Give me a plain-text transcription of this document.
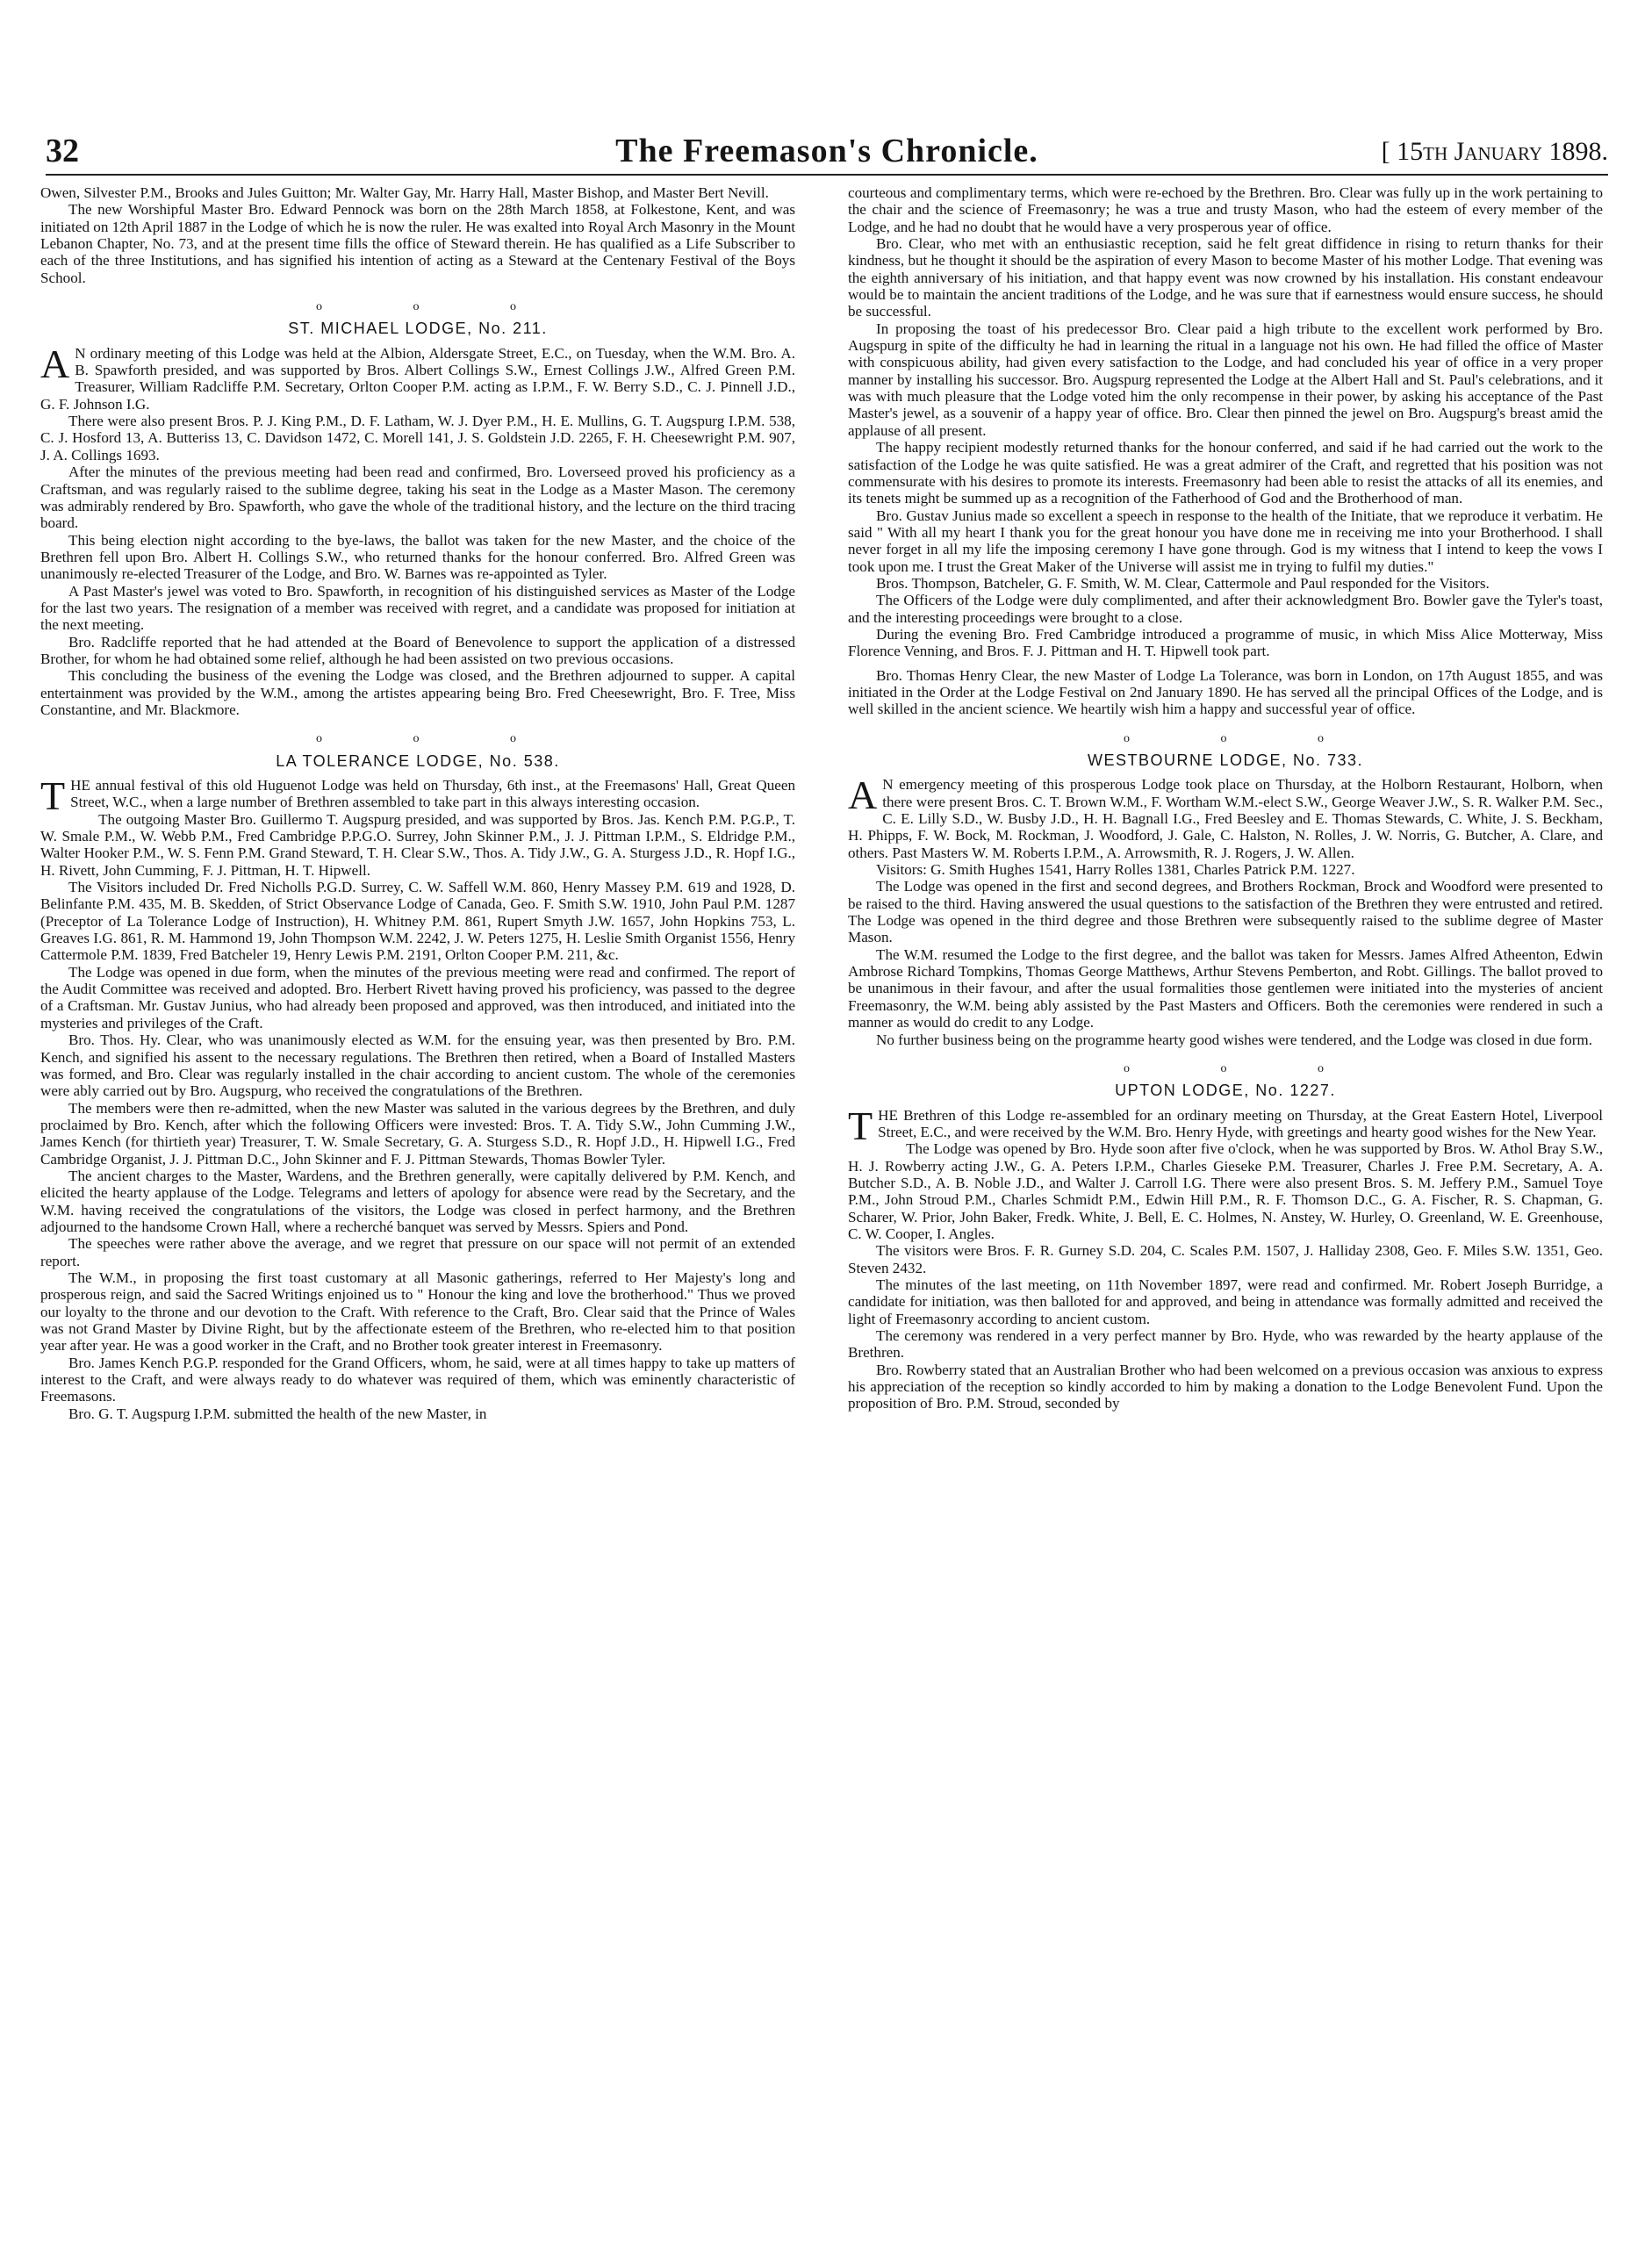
32	The Freemason's Chronicle.	[ 15th January 1898.

Owen, Silvester P.M., Brooks and Jules Guitton; Mr. Walter Gay, Mr. Harry Hall, Master Bishop, and Master Bert Nevill.

The new Worshipful Master Bro. Edward Pennock was born on the 28th March 1858, at Folkestone, Kent, and was initiated on 12th April 1887 in the Lodge of which he is now the ruler. He was exalted into Royal Arch Masonry in the Mount Lebanon Chapter, No. 73, and at the present time fills the office of Steward therein. He has qualified as a Life Subscriber to each of the three Institutions, and has signified his intention of acting as a Steward at the Centenary Festival of the Boys School.

o o o
ST. MICHAEL LODGE, No. 211.

A N ordinary meeting of this Lodge was held at the Albion, Aldersgate Street, E.C., on Tuesday, when the W.M. Bro. A. B. Spawforth presided, and was supported by Bros. Albert Collings S.W., Ernest Collings J.W., Alfred Green P.M. Treasurer, William Radcliffe P.M. Secretary, Orlton Cooper P.M. acting as I.P.M., F. W. Berry S.D., C. J. Pinnell J.D., G. F. Johnson I.G.

There were also present Bros. P. J. King P.M., D. F. Latham, W. J. Dyer P.M., H. E. Mullins, G. T. Augspurg I.P.M. 538, C. J. Hosford 13, A. Butteriss 13, C. Davidson 1472, C. Morell 141, J. S. Goldstein J.D. 2265, F. H. Cheesewright P.M. 907, J. A. Collings 1693.

After the minutes of the previous meeting had been read and confirmed, Bro. Loverseed proved his proficiency as a Craftsman, and was regularly raised to the sublime degree, taking his seat in the Lodge as a Master Mason. The ceremony was admirably rendered by Bro. Spawforth, who gave the whole of the traditional history, and the lecture on the third tracing board.

This being election night according to the bye-laws, the ballot was taken for the new Master, and the choice of the Brethren fell upon Bro. Albert H. Collings S.W., who returned thanks for the honour conferred. Bro. Alfred Green was unanimously re-elected Treasurer of the Lodge, and Bro. W. Barnes was re-appointed as Tyler.

A Past Master's jewel was voted to Bro. Spawforth, in recognition of his distinguished services as Master of the Lodge for the last two years. The resignation of a member was received with regret, and a candidate was proposed for initiation at the next meeting.

Bro. Radcliffe reported that he had attended at the Board of Benevolence to support the application of a distressed Brother, for whom he had obtained some relief, although he had been assisted on two previous occasions.

This concluding the business of the evening the Lodge was closed, and the Brethren adjourned to supper. A capital entertainment was provided by the W.M., among the artistes appearing being Bro. Fred Cheesewright, Bro. F. Tree, Miss Constantine, and Mr. Blackmore.

o o o
LA TOLERANCE LODGE, No. 538.

THE annual festival of this old Huguenot Lodge was held on Thursday, 6th inst., at the Freemasons' Hall, Great Queen Street, W.C., when a large number of Brethren assembled to take part in this always interesting occasion.

The outgoing Master Bro. Guillermo T. Augspurg presided, and was supported by Bros. Jas. Kench P.M. P.G.P., T. W. Smale P.M., W. Webb P.M., Fred Cambridge P.P.G.O. Surrey, John Skinner P.M., J. J. Pittman I.P.M., S. Eldridge P.M., Walter Hooker P.M., W. S. Fenn P.M. Grand Steward, T. H. Clear S.W., Thos. A. Tidy J.W., G. A. Sturgess J.D., R. Hopf I.G., H. Rivett, John Cumming, F. J. Pittman, H. T. Hipwell.

The Visitors included Dr. Fred Nicholls P.G.D. Surrey, C. W. Saffell W.M. 860, Henry Massey P.M. 619 and 1928, D. Belinfante P.M. 435, M. B. Skedden, of Strict Observance Lodge of Canada, Geo. F. Smith S.W. 1910, John Paul P.M. 1287 (Preceptor of La Tolerance Lodge of Instruction), H. Whitney P.M. 861, Rupert Smyth J.W. 1657, John Hopkins 753, L. Greaves I.G. 861, R. M. Hammond 19, John Thompson W.M. 2242, J. W. Peters 1275, H. Leslie Smith Organist 1556, Henry Cattermole P.M. 1839, Fred Batcheler 19, Henry Lewis P.M. 2191, Orlton Cooper P.M. 211, &c.

The Lodge was opened in due form, when the minutes of the previous meeting were read and confirmed. The report of the Audit Committee was received and adopted. Bro. Herbert Rivett having proved his proficiency, was passed to the degree of a Craftsman. Mr. Gustav Junius, who had already been proposed and approved, was then introduced, and initiated into the mysteries and privileges of the Craft.

Bro. Thos. Hy. Clear, who was unanimously elected as W.M. for the ensuing year, was then presented by Bro. P.M. Kench, and signified his assent to the necessary regulations. The Brethren then retired, when a Board of Installed Masters was formed, and Bro. Clear was regularly installed in the chair according to ancient custom. The whole of the ceremonies were ably carried out by Bro. Augspurg, who received the congratulations of the Brethren.

The members were then re-admitted, when the new Master was saluted in the various degrees by the Brethren, and duly proclaimed by Bro. Kench, after which the following Officers were invested: Bros. T. A. Tidy S.W., John Cumming J.W., James Kench (for thirtieth year) Treasurer, T. W. Smale Secretary, G. A. Sturgess S.D., R. Hopf J.D., H. Hipwell I.G., Fred Cambridge Organist, J. J. Pittman D.C., John Skinner and F. J. Pittman Stewards, Thomas Bowler Tyler.

The ancient charges to the Master, Wardens, and the Brethren generally, were capitally delivered by P.M. Kench, and elicited the hearty applause of the Lodge. Telegrams and letters of apology for absence were read by the Secretary, and the W.M. having received the congratulations of the visitors, the Lodge was closed in perfect harmony, and the Brethren adjourned to the handsome Crown Hall, where a recherché banquet was served by Messrs. Spiers and Pond.

The speeches were rather above the average, and we regret that pressure on our space will not permit of an extended report.

The W.M., in proposing the first toast customary at all Masonic gatherings, referred to Her Majesty's long and prosperous reign, and said the Sacred Writings enjoined us to " Honour the king and love the brotherhood." Thus we proved our loyalty to the throne and our devotion to the Craft. With reference to the Craft, Bro. Clear said that the Prince of Wales was not Grand Master by Divine Right, but by the affectionate esteem of the Brethren, who re-elected him to that position year after year. He was a good worker in the Craft, and no Brother took greater interest in Freemasonry.

Bro. James Kench P.G.P. responded for the Grand Officers, whom, he said, were at all times happy to take up matters of interest to the Craft, and were always ready to do whatever was required of them, which was eminently characteristic of Freemasons.

Bro. G. T. Augspurg I.P.M. submitted the health of the new Master, in

courteous and complimentary terms, which were re-echoed by the Brethren. Bro. Clear was fully up in the work pertaining to the chair and the science of Freemasonry; he was a true and trusty Mason, who had the esteem of every member of the Lodge, and he had no doubt that he would have a very prosperous year of office.

Bro. Clear, who met with an enthusiastic reception, said he felt great diffidence in rising to return thanks for their kindness, but he thought it should be the aspiration of every Mason to become Master of his mother Lodge. That evening was the eighth anniversary of his initiation, and that happy event was now crowned by his installation. His constant endeavour would be to maintain the ancient traditions of the Lodge, and he was sure that if earnestness would ensure success, he should be successful.

In proposing the toast of his predecessor Bro. Clear paid a high tribute to the excellent work performed by Bro. Augspurg in spite of the difficulty he had in learning the ritual in a language not his own. He had filled the office of Master with conspicuous ability, had given every satisfaction to the Lodge, and had concluded his year of office in a very proper manner by installing his successor. Bro. Augspurg represented the Lodge at the Albert Hall and St. Paul's celebrations, and it was with much pleasure that the Lodge voted him the only recompense in their power, by asking his acceptance of the Past Master's jewel, as a souvenir of a happy year of office. Bro. Clear then pinned the jewel on Bro. Augspurg's breast amid the applause of all present.

The happy recipient modestly returned thanks for the honour conferred, and said if he had carried out the work to the satisfaction of the Lodge he was quite satisfied. He was a great admirer of the Craft, and regretted that his position was not commensurate with his desires to promote its interests. Freemasonry had been able to resist the attacks of all its enemies, and its tenets might be summed up as a recognition of the Fatherhood of God and the Brotherhood of man.

Bro. Gustav Junius made so excellent a speech in response to the health of the Initiate, that we reproduce it verbatim. He said " With all my heart I thank you for the great honour you have done me in receiving me into your Brotherhood. I shall never forget in all my life the imposing ceremony I have gone through. God is my witness that I intend to keep the vows I took upon me. I trust the Great Maker of the Universe will assist me in trying to fulfil my duties."

Bros. Thompson, Batcheler, G. F. Smith, W. M. Clear, Cattermole and Paul responded for the Visitors.

The Officers of the Lodge were duly complimented, and after their acknowledgment Bro. Bowler gave the Tyler's toast, and the interesting proceedings were brought to a close.

During the evening Bro. Fred Cambridge introduced a programme of music, in which Miss Alice Motterway, Miss Florence Venning, and Bros. F. J. Pittman and H. T. Hipwell took part.

Bro. Thomas Henry Clear, the new Master of Lodge La Tolerance, was born in London, on 17th August 1855, and was initiated in the Order at the Lodge Festival on 2nd January 1890. He has served all the principal Offices of the Lodge, and is well skilled in the ancient science. We heartily wish him a happy and successful year of office.

o o o
WESTBOURNE LODGE, No. 733.

A N emergency meeting of this prosperous Lodge took place on Thursday, at the Holborn Restaurant, Holborn, when there were present Bros. C. T. Brown W.M., F. Wortham W.M.-elect S.W., George Weaver J.W., S. R. Walker P.M. Sec., C. E. Lilly S.D., W. Busby J.D., H. H. Bagnall I.G., Fred Beesley and E. Thomas Stewards, C. White, J. S. Beckham, H. Phipps, F. W. Bock, M. Rockman, J. Woodford, J. Gale, C. Halston, N. Rolles, J. W. Norris, G. Butcher, A. Clare, and others. Past Masters W. M. Roberts I.P.M., A. Arrowsmith, R. J. Rogers, J. W. Allen.

Visitors: G. Smith Hughes 1541, Harry Rolles 1381, Charles Patrick P.M. 1227.

The Lodge was opened in the first and second degrees, and Brothers Rockman, Brock and Woodford were presented to be raised to the third. Having answered the usual questions to the satisfaction of the Brethren they were entrusted and retired. The Lodge was opened in the third degree and those Brethren were subsequently raised to the sublime degree of Master Mason.

The W.M. resumed the Lodge to the first degree, and the ballot was taken for Messrs. James Alfred Atheenton, Edwin Ambrose Richard Tompkins, Thomas George Matthews, Arthur Stevens Pemberton, and Robt. Gillings. The ballot proved to be unanimous in their favour, and after the usual formalities those gentlemen were initiated into the mysteries of ancient Freemasonry, the W.M. being ably assisted by the Past Masters and Officers. Both the ceremonies were rendered in such a manner as would do credit to any Lodge.

No further business being on the programme hearty good wishes were tendered, and the Lodge was closed in due form.

o o o
UPTON LODGE, No. 1227.

THE Brethren of this Lodge re-assembled for an ordinary meeting on Thursday, at the Great Eastern Hotel, Liverpool Street, E.C., and were received by the W.M. Bro. Henry Hyde, with greetings and hearty good wishes for the New Year.

The Lodge was opened by Bro. Hyde soon after five o'clock, when he was supported by Bros. W. Athol Bray S.W., H. J. Rowberry acting J.W., G. A. Peters I.P.M., Charles Gieseke P.M. Treasurer, Charles J. Free P.M. Secretary, A. A. Butcher S.D., A. B. Noble J.D., and Walter J. Carroll I.G. There were also present Bros. S. M. Jeffery P.M., Samuel Toye P.M., John Stroud P.M., Charles Schmidt P.M., Edwin Hill P.M., R. F. Thomson D.C., G. A. Fischer, R. S. Chapman, G. Scharer, W. Prior, John Baker, Fredk. White, J. Bell, E. C. Holmes, N. Anstey, W. Hurley, O. Greenland, W. E. Greenhouse, C. W. Cooper, I. Angles.

The visitors were Bros. F. R. Gurney S.D. 204, C. Scales P.M. 1507, J. Halliday 2308, Geo. F. Miles S.W. 1351, Geo. Steven 2432.

The minutes of the last meeting, on 11th November 1897, were read and confirmed. Mr. Robert Joseph Burridge, a candidate for initiation, was then balloted for and approved, and being in attendance was formally admitted and received the light of Freemasonry according to ancient custom.

The ceremony was rendered in a very perfect manner by Bro. Hyde, who was rewarded by the hearty applause of the Brethren.

Bro. Rowberry stated that an Australian Brother who had been welcomed on a previous occasion was anxious to express his appreciation of the reception so kindly accorded to him by making a donation to the Lodge Benevolent Fund. Upon the proposition of Bro. P.M. Stroud, seconded by
